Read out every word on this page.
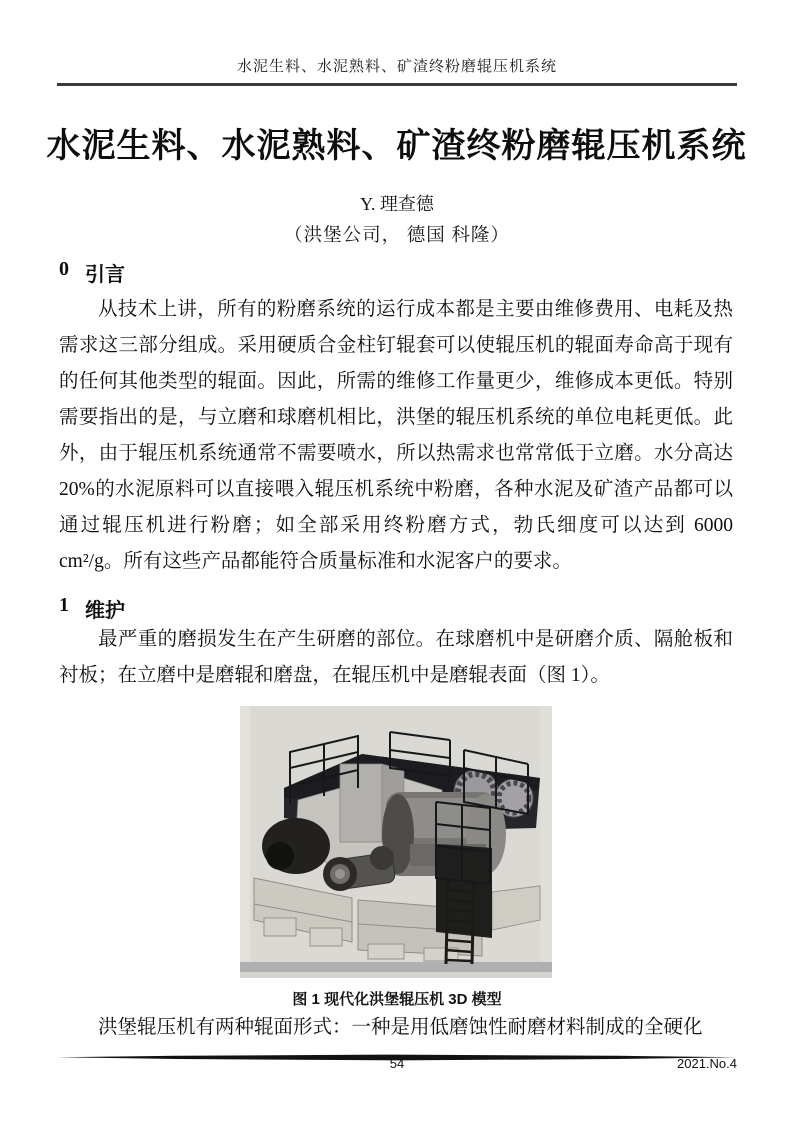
水泥生料、水泥熟料、矿渣终粉磨辊压机系统
水泥生料、水泥熟料、矿渣终粉磨辊压机系统
Y. 理查德
（洪堡公司， 德国 科隆）
0 引言

从技术上讲，所有的粉磨系统的运行成本都是主要由维修费用、电耗及热需求这三部分组成。采用硬质合金柱钉辊套可以使辊压机的辊面寿命高于现有的任何其他类型的辊面。因此，所需的维修工作量更少，维修成本更低。特别需要指出的是，与立磨和球磨机相比，洪堡的辊压机系统的单位电耗更低。此外，由于辊压机系统通常不需要喷水，所以热需求也常常低于立磨。水分高达 20%的水泥原料可以直接喂入辊压机系统中粉磨，各种水泥及矿渣产品都可以通过辊压机进行粉磨；如全部采用终粉磨方式，勃氏细度可以达到 6000 cm²/g。所有这些产品都能符合质量标准和水泥客户的要求。

1 维护

最严重的磨损发生在产生研磨的部位。在球磨机中是研磨介质、隔舱板和衬板；在立磨中是磨辊和磨盘，在辊压机中是磨辊表面（图 1）。

图 1 现代化洪堡辊压机 3D 模型

洪堡辊压机有两种辊面形式：一种是用低磨蚀性耐磨材料制成的全硬化

54	2021.No.4
